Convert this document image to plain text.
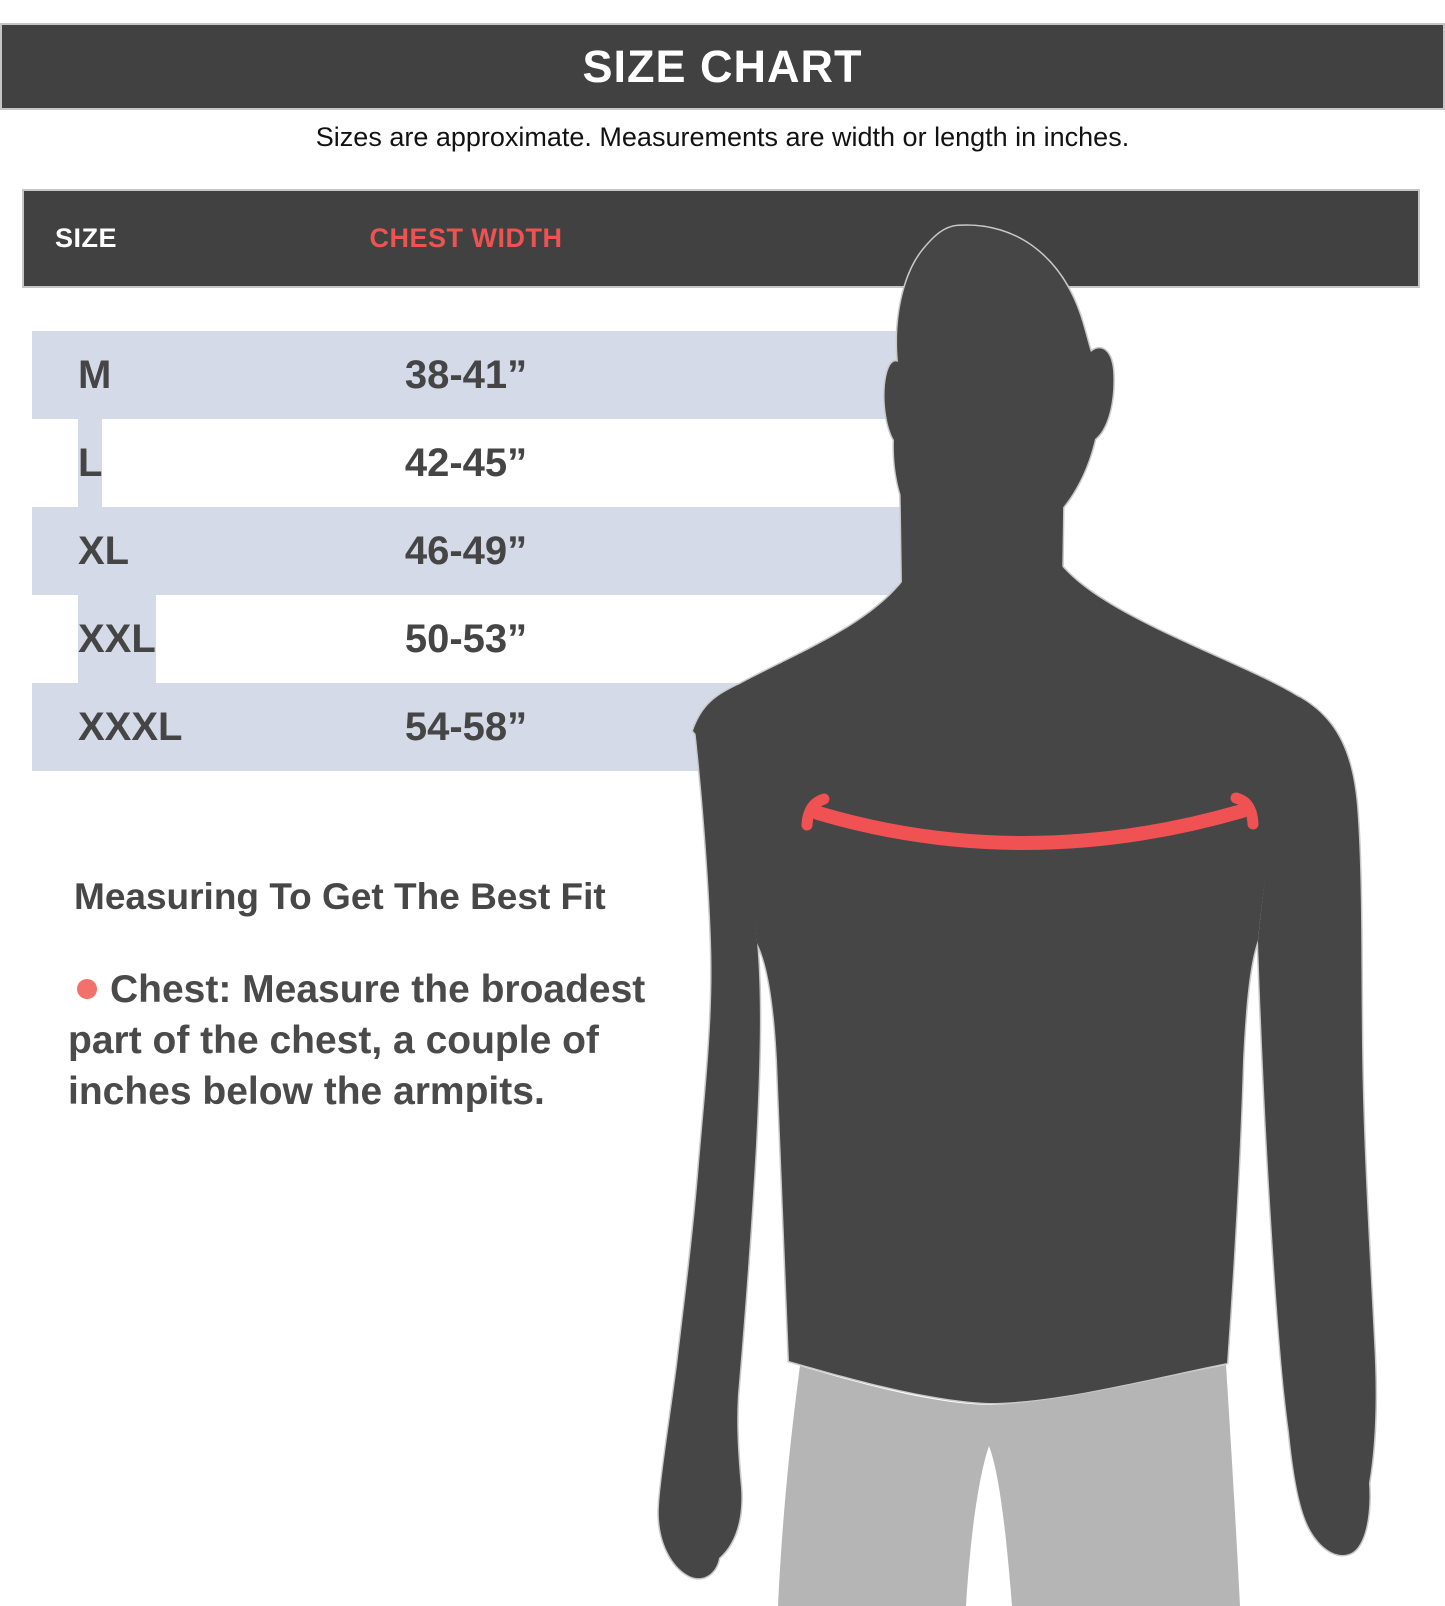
SIZE CHART
Sizes are approximate. Measurements are width or length in inches.
SIZE	CHEST WIDTH
M	38-41”
L	42-45”
XL	46-49”
XXL	50-53”
XXXL	54-58”
Measuring To Get The Best Fit
Chest: Measure the broadest
part of the chest, a couple of
inches below the armpits.
